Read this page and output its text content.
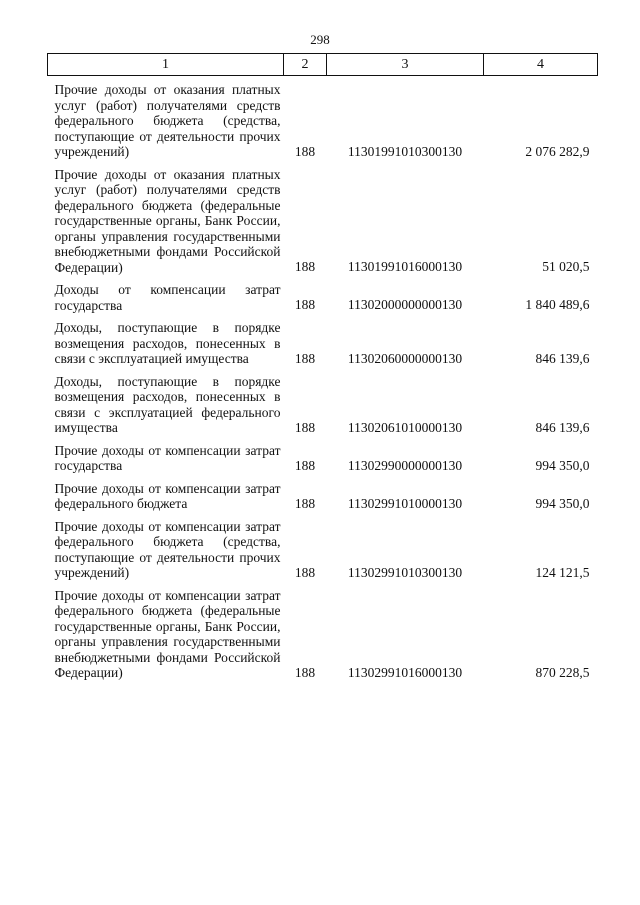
298
1	2	3	4
Прочие доходы от оказания платных услуг (работ) получателями средств федерального бюджета (средства, поступающие от деятельности прочих учреждений)	188	11301991010300130	2 076 282,9
Прочие доходы от оказания платных услуг (работ) получателями средств федерального бюджета (федеральные государственные органы, Банк России, органы управления государственными внебюджетными фондами Российской Федерации)	188	11301991016000130	51 020,5
Доходы от компенсации затрат государства	188	11302000000000130	1 840 489,6
Доходы, поступающие в порядке возмещения расходов, понесенных в связи с эксплуатацией имущества	188	11302060000000130	846 139,6
Доходы, поступающие в порядке возмещения расходов, понесенных в связи с эксплуатацией федерального имущества	188	11302061010000130	846 139,6
Прочие доходы от компенсации затрат государства	188	11302990000000130	994 350,0
Прочие доходы от компенсации затрат федерального бюджета	188	11302991010000130	994 350,0
Прочие доходы от компенсации затрат федерального бюджета (средства, поступающие от деятельности прочих учреждений)	188	11302991010300130	124 121,5
Прочие доходы от компенсации затрат федерального бюджета (федеральные государственные органы, Банк России, органы управления государственными внебюджетными фондами Российской Федерации)	188	11302991016000130	870 228,5
